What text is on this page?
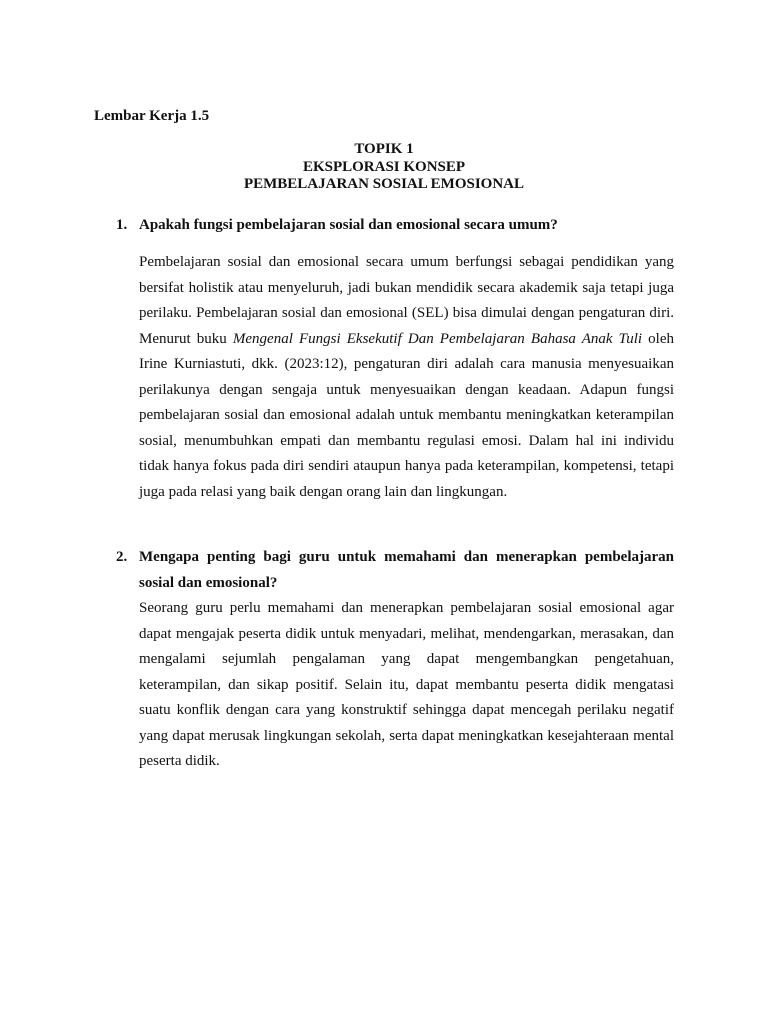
Lembar Kerja 1.5
TOPIK 1
EKSPLORASI KONSEP
PEMBELAJARAN SOSIAL EMOSIONAL
1. Apakah fungsi pembelajaran sosial dan emosional secara umum?

Pembelajaran sosial dan emosional secara umum berfungsi sebagai pendidikan yang bersifat holistik atau menyeluruh, jadi bukan mendidik secara akademik saja tetapi juga perilaku. Pembelajaran sosial dan emosional (SEL) bisa dimulai dengan pengaturan diri. Menurut buku Mengenal Fungsi Eksekutif Dan Pembelajaran Bahasa Anak Tuli oleh Irine Kurniastuti, dkk. (2023:12), pengaturan diri adalah cara manusia menyesuaikan perilakunya dengan sengaja untuk menyesuaikan dengan keadaan. Adapun fungsi pembelajaran sosial dan emosional adalah untuk membantu meningkatkan keterampilan sosial, menumbuhkan empati dan membantu regulasi emosi. Dalam hal ini individu tidak hanya fokus pada diri sendiri ataupun hanya pada keterampilan, kompetensi, tetapi juga pada relasi yang baik dengan orang lain dan lingkungan.

2. Mengapa penting bagi guru untuk memahami dan menerapkan pembelajaran sosial dan emosional?

Seorang guru perlu memahami dan menerapkan pembelajaran sosial emosional agar dapat mengajak peserta didik untuk menyadari, melihat, mendengarkan, merasakan, dan mengalami sejumlah pengalaman yang dapat mengembangkan pengetahuan, keterampilan, dan sikap positif. Selain itu, dapat membantu peserta didik mengatasi suatu konflik dengan cara yang konstruktif sehingga dapat mencegah perilaku negatif yang dapat merusak lingkungan sekolah, serta dapat meningkatkan kesejahteraan mental peserta didik.
